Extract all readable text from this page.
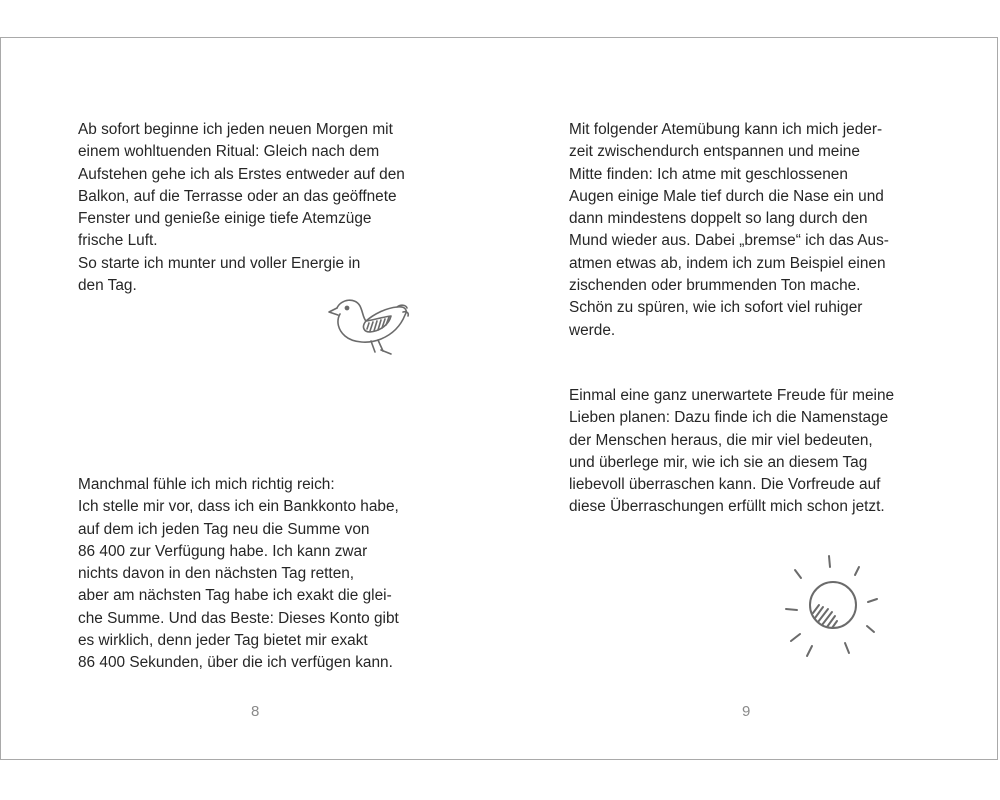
Ab sofort beginne ich jeden neuen Morgen mit
einem wohltuenden Ritual: Gleich nach dem
Aufstehen gehe ich als Erstes entweder auf den
Balkon, auf die Terrasse oder an das geöffnete
Fenster und genieße einige tiefe Atemzüge
frische Luft.
So starte ich munter und voller Energie in
den Tag.

Manchmal fühle ich mich richtig reich:
Ich stelle mir vor, dass ich ein Bankkonto habe,
auf dem ich jeden Tag neu die Summe von
86 400 zur Verfügung habe. Ich kann zwar
nichts davon in den nächsten Tag retten,
aber am nächsten Tag habe ich exakt die glei-
che Summe. Und das Beste: Dieses Konto gibt
es wirklich, denn jeder Tag bietet mir exakt
86 400 Sekunden, über die ich verfügen kann.

8

Mit folgender Atemübung kann ich mich jeder-
zeit zwischendurch entspannen und meine
Mitte finden: Ich atme mit geschlossenen
Augen einige Male tief durch die Nase ein und
dann mindestens doppelt so lang durch den
Mund wieder aus. Dabei „bremse“ ich das Aus-
atmen etwas ab, indem ich zum Beispiel einen
zischenden oder brummenden Ton mache.
Schön zu spüren, wie ich sofort viel ruhiger
werde.

Einmal eine ganz unerwartete Freude für meine
Lieben planen: Dazu finde ich die Namenstage
der Menschen heraus, die mir viel bedeuten,
und überlege mir, wie ich sie an diesem Tag
liebevoll überraschen kann. Die Vorfreude auf
diese Überraschungen erfüllt mich schon jetzt.

9
